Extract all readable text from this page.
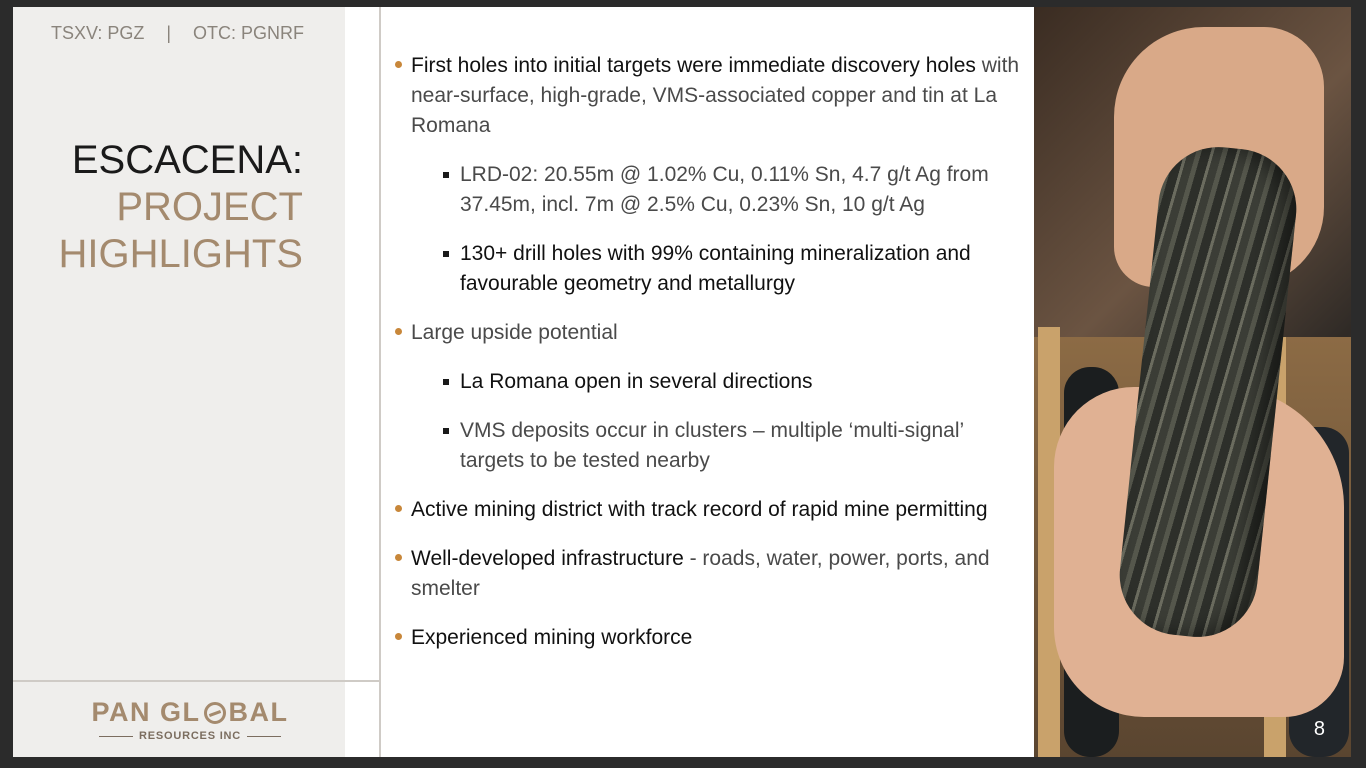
TSXV: PGZ | OTC: PGNRF
ESCACENA:
PROJECT
HIGHLIGHTS
PAN GL BAL
RESOURCES INC
First holes into initial targets were immediate discovery holes with near-surface, high-grade, VMS-associated copper and tin at La Romana
LRD-02: 20.55m @ 1.02% Cu, 0.11% Sn, 4.7 g/t Ag from 37.45m, incl. 7m @ 2.5% Cu, 0.23% Sn, 10 g/t Ag
130+ drill holes with 99% containing mineralization and favourable geometry and metallurgy
Large upside potential
La Romana open in several directions
VMS deposits occur in clusters – multiple ‘multi-signal’ targets to be tested nearby
Active mining district with track record of rapid mine permitting
Well-developed infrastructure - roads, water, power, ports, and smelter
Experienced mining workforce
8
